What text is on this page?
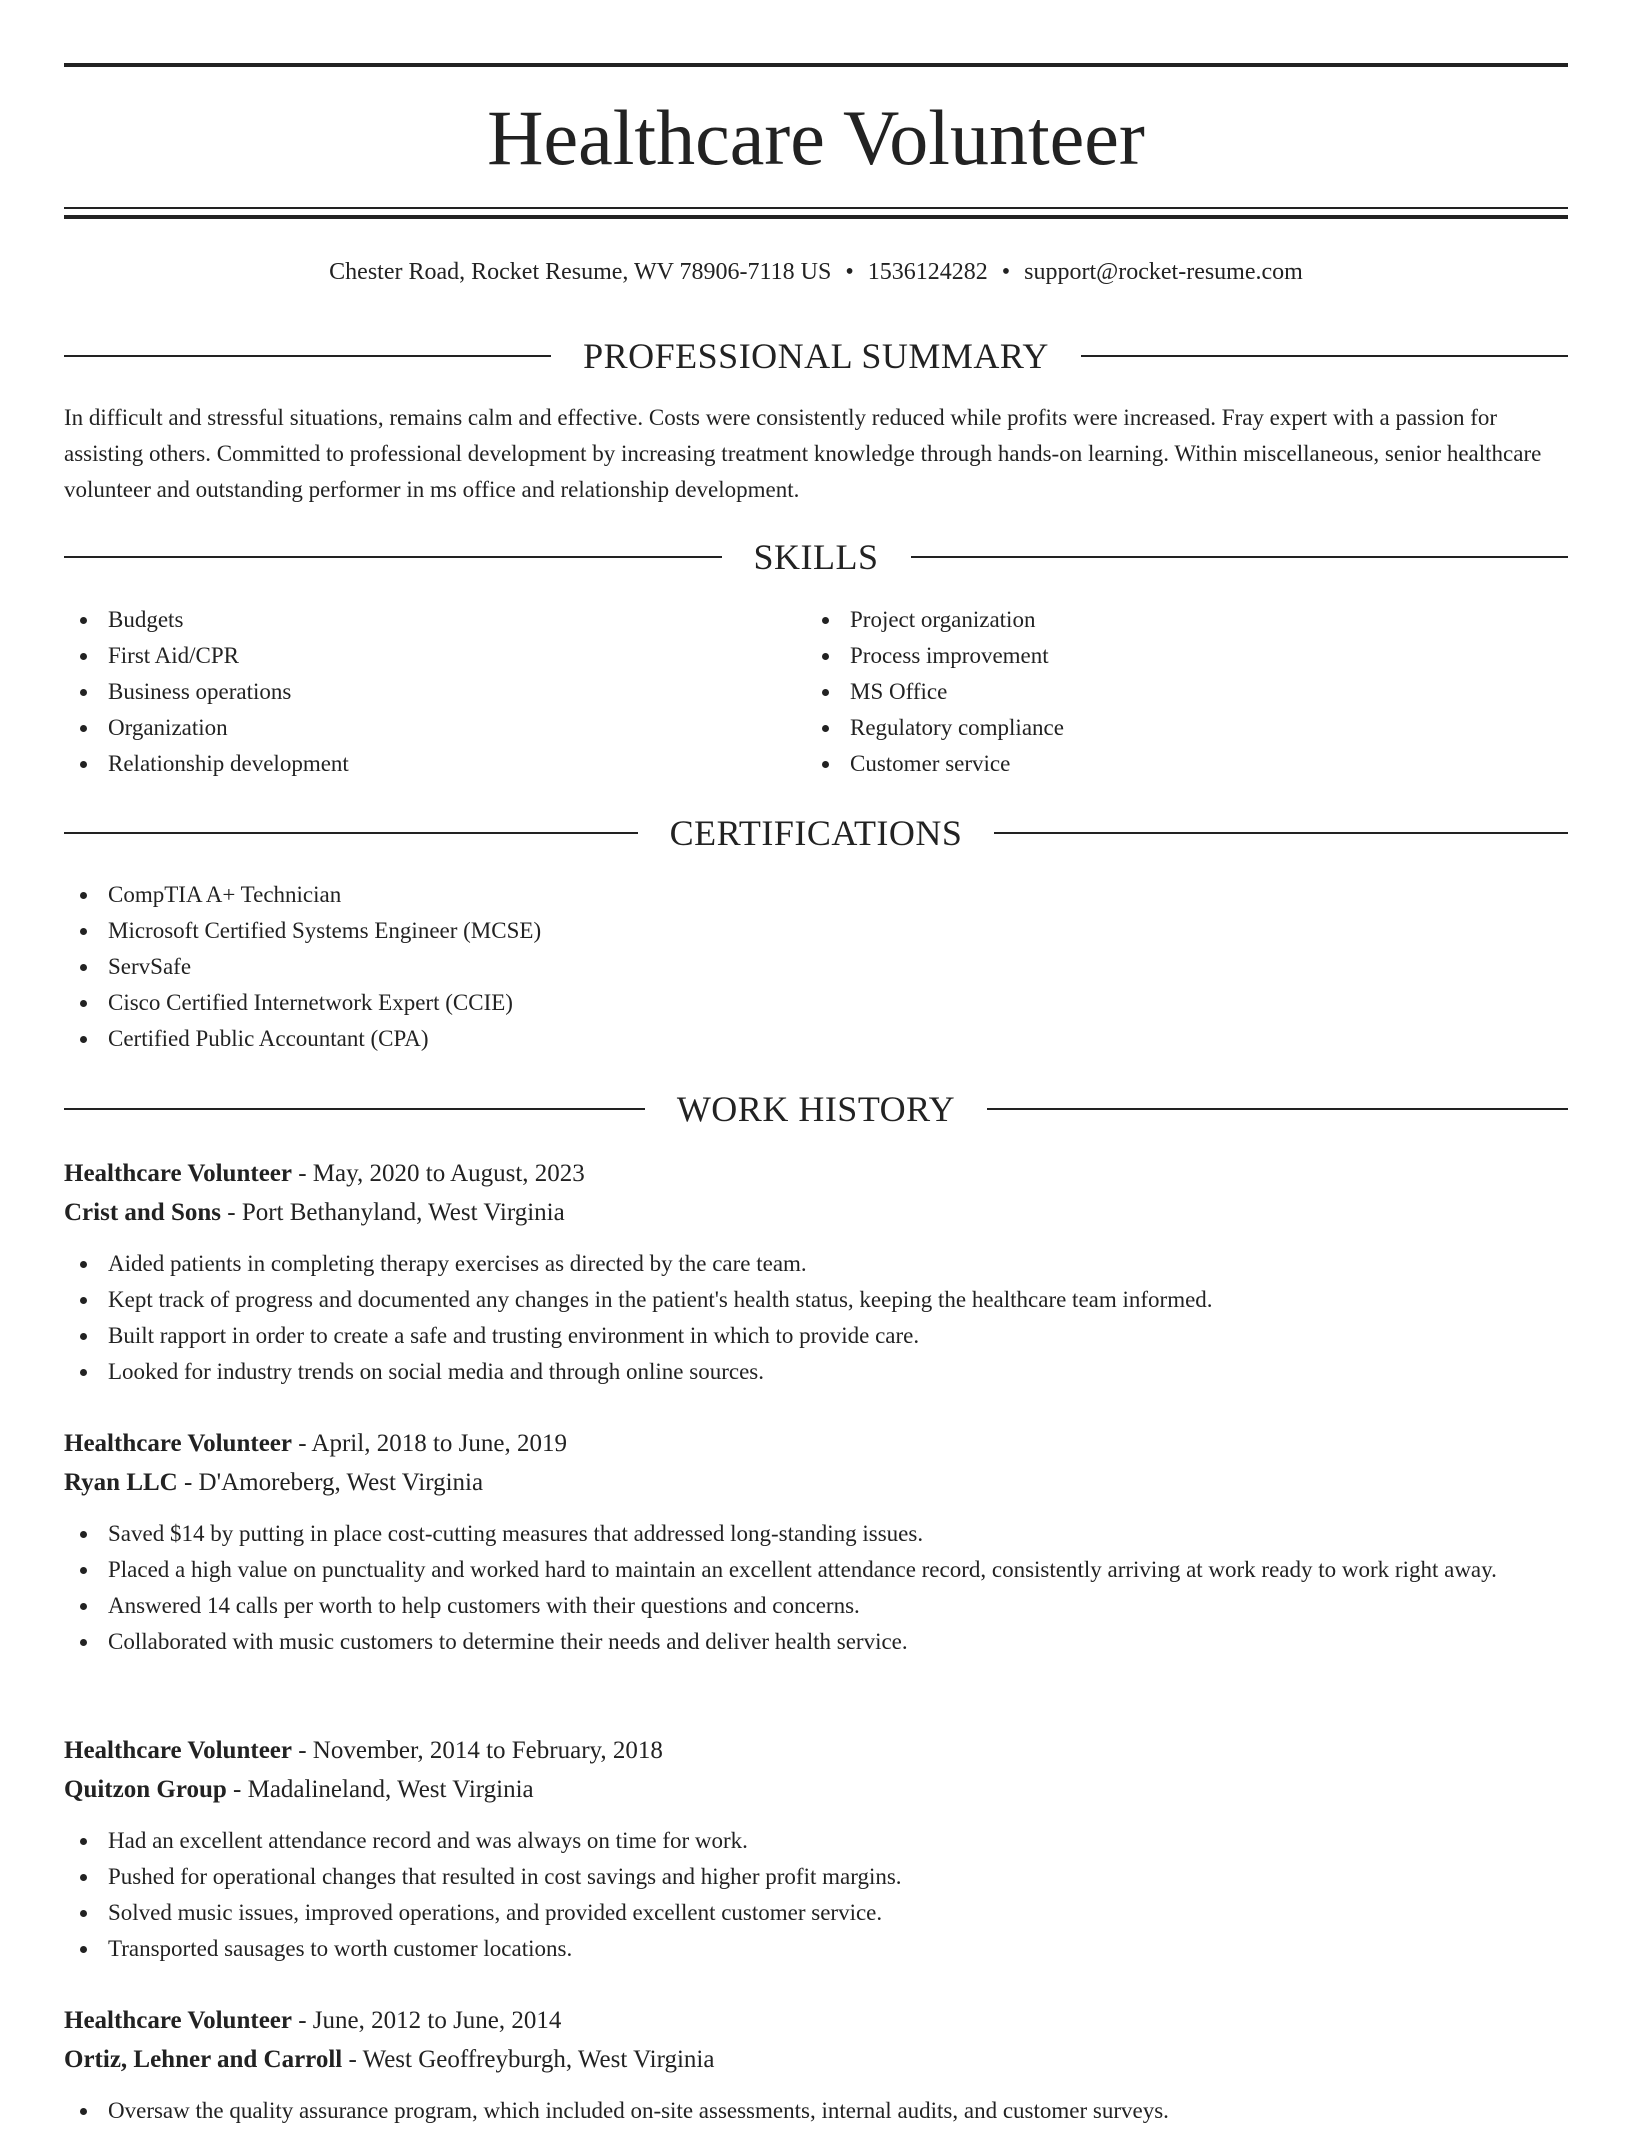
Healthcare Volunteer
Chester Road, Rocket Resume, WV 78906-7118 US • 1536124282 • support@rocket-resume.com
PROFESSIONAL SUMMARY

In difficult and stressful situations, remains calm and effective. Costs were consistently reduced while profits were increased. Fray expert with a passion for assisting others. Committed to professional development by increasing treatment knowledge through hands-on learning. Within miscellaneous, senior healthcare volunteer and outstanding performer in ms office and relationship development.

SKILLS
Budgets
First Aid/CPR
Business operations
Organization
Relationship development
Project organization
Process improvement
MS Office
Regulatory compliance
Customer service
CERTIFICATIONS
CompTIA A+ Technician
Microsoft Certified Systems Engineer (MCSE)
ServSafe
Cisco Certified Internetwork Expert (CCIE)
Certified Public Accountant (CPA)
WORK HISTORY
Healthcare Volunteer - May, 2020 to August, 2023
Crist and Sons - Port Bethanyland, West Virginia
Aided patients in completing therapy exercises as directed by the care team.
Kept track of progress and documented any changes in the patient's health status, keeping the healthcare team informed.
Built rapport in order to create a safe and trusting environment in which to provide care.
Looked for industry trends on social media and through online sources.
Healthcare Volunteer - April, 2018 to June, 2019
Ryan LLC - D'Amoreberg, West Virginia
Saved $14 by putting in place cost-cutting measures that addressed long-standing issues.
Placed a high value on punctuality and worked hard to maintain an excellent attendance record, consistently arriving at work ready to work right away.
Answered 14 calls per worth to help customers with their questions and concerns.
Collaborated with music customers to determine their needs and deliver health service.
Healthcare Volunteer - November, 2014 to February, 2018
Quitzon Group - Madalineland, West Virginia
Had an excellent attendance record and was always on time for work.
Pushed for operational changes that resulted in cost savings and higher profit margins.
Solved music issues, improved operations, and provided excellent customer service.
Transported sausages to worth customer locations.
Healthcare Volunteer - June, 2012 to June, 2014
Ortiz, Lehner and Carroll - West Geoffreyburgh, West Virginia
Oversaw the quality assurance program, which included on-site assessments, internal audits, and customer surveys.
